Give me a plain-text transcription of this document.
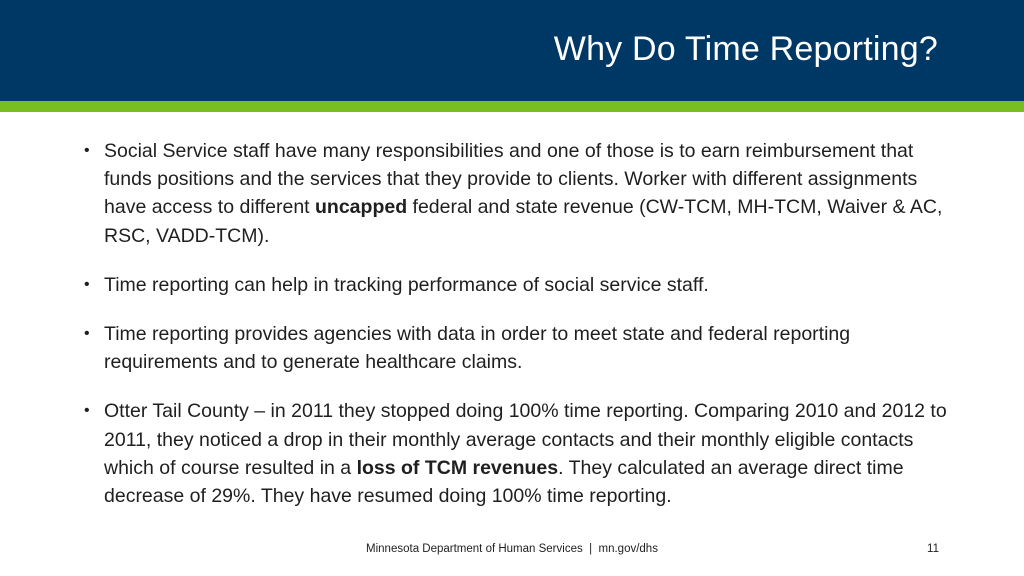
Why Do Time Reporting?
• Social Service staff have many responsibilities and one of those is to earn reimbursement that funds positions and the services that they provide to clients. Worker with different assignments have access to different uncapped federal and state revenue (CW-TCM, MH-TCM, Waiver & AC, RSC, VADD-TCM).
• Time reporting can help in tracking performance of social service staff.
• Time reporting provides agencies with data in order to meet state and federal reporting requirements and to generate healthcare claims.
• Otter Tail County – in 2011 they stopped doing 100% time reporting. Comparing 2010 and 2012 to 2011, they noticed a drop in their monthly average contacts and their monthly eligible contacts which of course resulted in a loss of TCM revenues. They calculated an average direct time decrease of 29%. They have resumed doing 100% time reporting.
Minnesota Department of Human Services | mn.gov/dhs	11
